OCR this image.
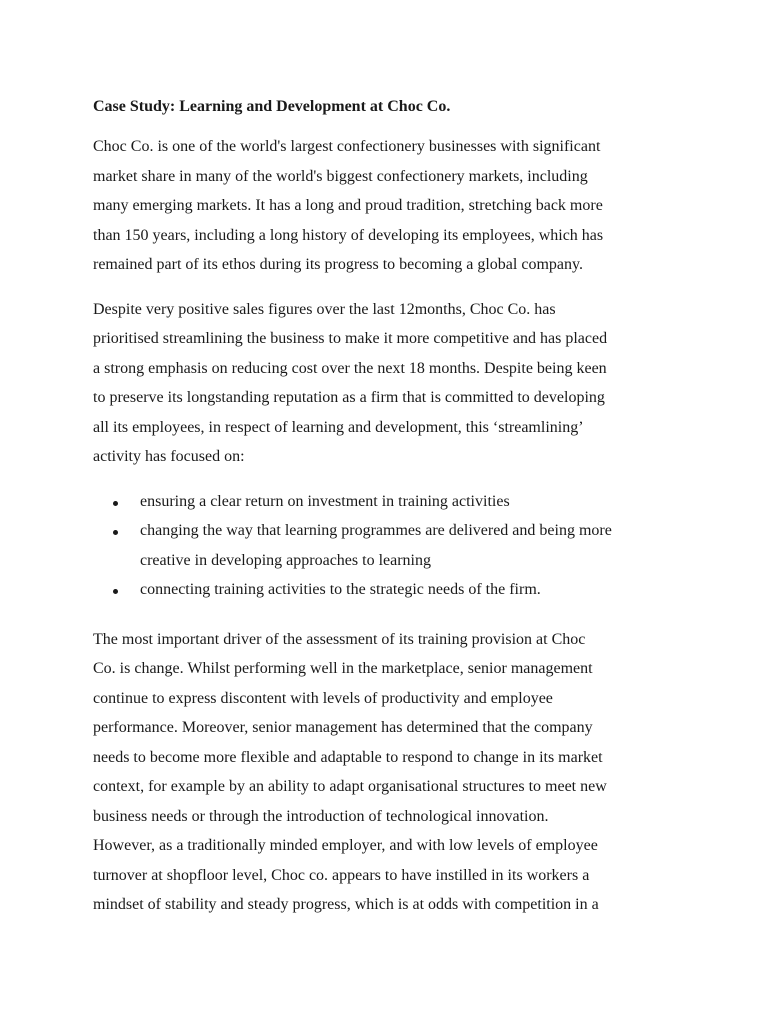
Case Study: Learning and Development at Choc Co.
Choc Co. is one of the world's largest confectionery businesses with significant
market share in many of the world's biggest confectionery markets, including
many emerging markets. It has a long and proud tradition, stretching back more
than 150 years, including a long history of developing its employees, which has
remained part of its ethos during its progress to becoming a global company.
Despite very positive sales figures over the last 12months, Choc Co. has
prioritised streamlining the business to make it more competitive and has placed
a strong emphasis on reducing cost over the next 18 months. Despite being keen
to preserve its longstanding reputation as a firm that is committed to developing
all its employees, in respect of learning and development, this ‘streamlining’
activity has focused on:
ensuring a clear return on investment in training activities
changing the way that learning programmes are delivered and being more
creative in developing approaches to learning
connecting training activities to the strategic needs of the firm.
The most important driver of the assessment of its training provision at Choc
Co. is change. Whilst performing well in the marketplace, senior management
continue to express discontent with levels of productivity and employee
performance. Moreover, senior management has determined that the company
needs to become more flexible and adaptable to respond to change in its market
context, for example by an ability to adapt organisational structures to meet new
business needs or through the introduction of technological innovation.
However, as a traditionally minded employer, and with low levels of employee
turnover at shopfloor level, Choc co. appears to have instilled in its workers a
mindset of stability and steady progress, which is at odds with competition in a
